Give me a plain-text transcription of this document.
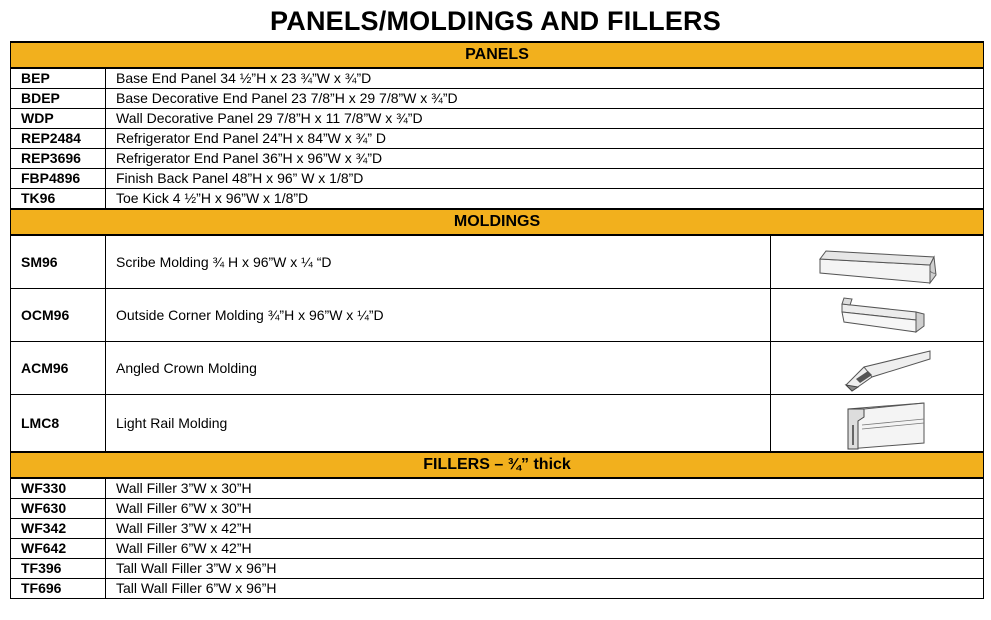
PANELS/MOLDINGS AND FILLERS
PANELS		
BEP	Base End Panel 34 ½”H x 23 ¾”W x ¾”D	
BDEP	Base Decorative End Panel 23 7/8”H x 29 7/8”W x ¾”D	
WDP	Wall Decorative Panel 29 7/8”H x 11 7/8”W x ¾”D	
REP2484	Refrigerator End Panel 24”H x 84”W x ¾” D	
REP3696	Refrigerator End Panel 36”H x 96”W x ¾”D	
FBP4896	Finish Back Panel 48”H x 96” W x 1/8”D	
TK96	Toe Kick 4 ½”H x 96”W x 1/8”D	
MOLDINGS		
SM96	Scribe Molding ¾ H x 96”W x ¼ “D	

OCM96	Outside Corner Molding ¾”H x 96”W x ¼”D	

ACM96	Angled Crown Molding	

LMC8	Light Rail Molding	

FILLERS – ¾” thick		
WF330	Wall Filler 3”W x 30”H	
WF630	Wall Filler 6”W x 30”H	
WF342	Wall Filler 3”W x 42”H	
WF642	Wall Filler 6”W x 42”H	
TF396	Tall Wall Filler 3”W x 96”H	
TF696	Tall Wall Filler 6”W x 96”H	
